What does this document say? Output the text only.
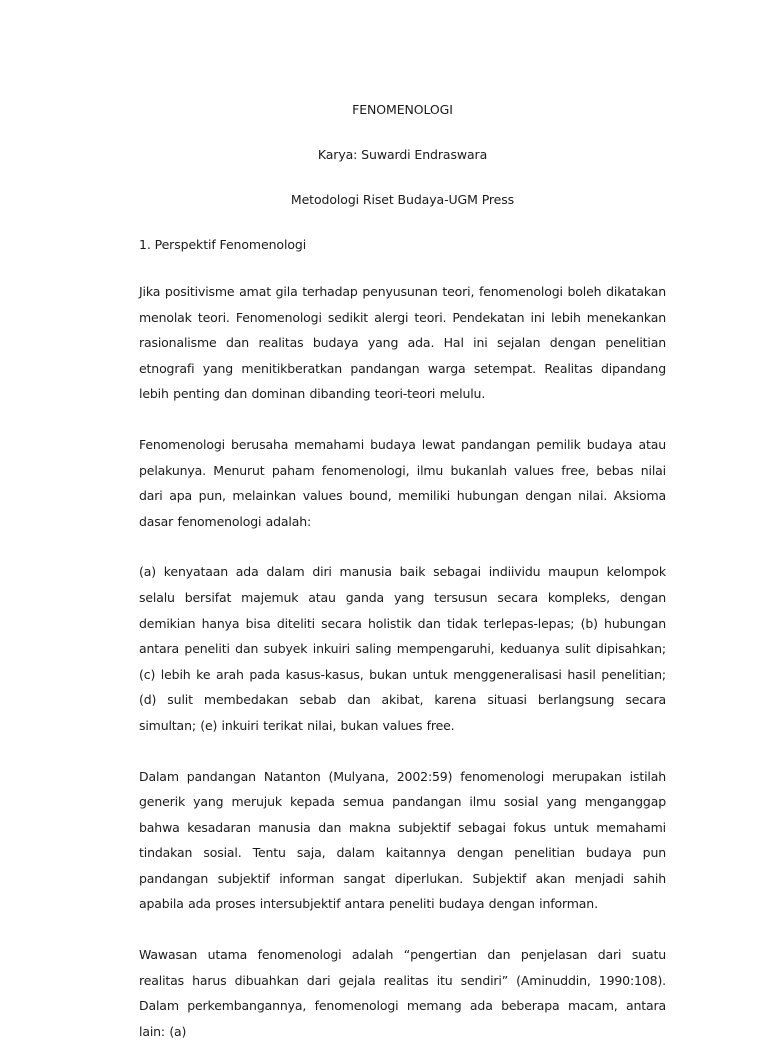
FENOMENOLOGI

Karya: Suwardi Endraswara

Metodologi Riset Budaya-UGM Press

1. Perspektif Fenomenologi

Jika positivisme amat gila terhadap penyusunan teori, fenomenologi boleh dikatakan menolak teori. Fenomenologi sedikit alergi teori. Pendekatan ini lebih menekankan rasionalisme dan realitas budaya yang ada. Hal ini sejalan dengan penelitian etnografi yang menitikberatkan pandangan warga setempat. Realitas dipandang lebih penting dan dominan dibanding teori-teori melulu.

Fenomenologi berusaha memahami budaya lewat pandangan pemilik budaya atau pelakunya. Menurut paham fenomenologi, ilmu bukanlah values free, bebas nilai dari apa pun, melainkan values bound, memiliki hubungan dengan nilai. Aksioma dasar fenomenologi adalah:

(a) kenyataan ada dalam diri manusia baik sebagai indiividu maupun kelompok selalu bersifat majemuk atau ganda yang tersusun secara kompleks, dengan demikian hanya bisa diteliti secara holistik dan tidak terlepas-lepas; (b) hubungan antara peneliti dan subyek inkuiri saling mempengaruhi, keduanya sulit dipisahkan; (c) lebih ke arah pada kasus-kasus, bukan untuk menggeneralisasi hasil penelitian; (d) sulit membedakan sebab dan akibat, karena situasi berlangsung secara simultan; (e) inkuiri terikat nilai, bukan values free.

Dalam pandangan Natanton (Mulyana, 2002:59) fenomenologi merupakan istilah generik yang merujuk kepada semua pandangan ilmu sosial yang menganggap bahwa kesadaran manusia dan makna subjektif sebagai fokus untuk memahami tindakan sosial. Tentu saja, dalam kaitannya dengan penelitian budaya pun pandangan subjektif informan sangat diperlukan. Subjektif akan menjadi sahih apabila ada proses intersubjektif antara peneliti budaya dengan informan.

Wawasan utama fenomenologi adalah “pengertian dan penjelasan dari suatu realitas harus dibuahkan dari gejala realitas itu sendiri” (Aminuddin, 1990:108). Dalam perkembangannya, fenomenologi memang ada beberapa macam, antara lain: (a)
